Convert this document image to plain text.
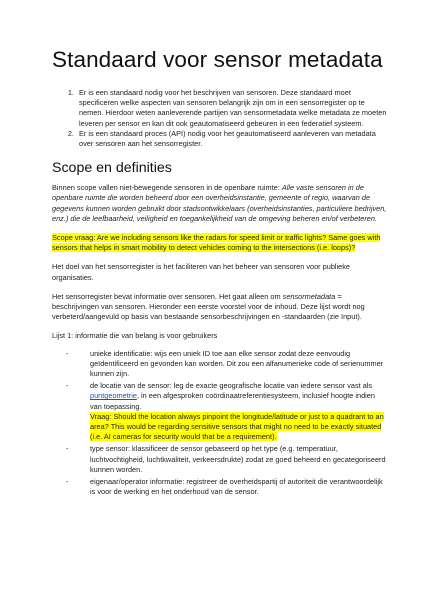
Standaard voor sensor metadata
1. Er is een standaard nodig voor het beschrijven van sensoren. Deze standaard moet specificeren welke aspecten van sensoren belangrijk zijn om in een sensorregister op te nemen. Hierdoor weten aanleverende partijen van sensormetadata welke metadata ze moeten leveren per sensor en kan dit ook geautomatiseerd gebeuren in een federatief systeem.
2. Er is een standaard proces (API) nodig voor het geautomatiseerd aanleveren van metadata over sensoren aan het sensorregister.
Scope en definities

Binnen scope vallen niet-bewegende sensoren in de openbare ruimte: Alle vaste sensoren in de openbare ruimte die worden beheerd door een overheidsinstantie, gemeente of regio, waarvan de gegevens kunnen worden gebruikt door stadsontwikkelaars (overheidsinstanties, particuliere bedrijven, enz.) die de leefbaarheid, veiligheid en toegankelijkheid van de omgeving beheren en/of verbeteren.

Scope vraag: Are we including sensors like the radars for speed limit or traffic lights? Same goes with sensors that helps in smart mobility to detect vehicles coming to the intersections (i.e. loops)?

Het doel van het sensorregister is het faciliteren van het beheer van sensoren voor publieke organisaties.

Het sensorregister bevat informatie over sensoren. Het gaat alleen om sensormetadata = beschrijvingen van sensoren. Hieronder een eerste voorstel voor de inhoud. Deze lijst wordt nog verbeterd/aangevuld op basis van bestaande sensorbeschrijvingen en -standaarden (zie Input).

Lijst 1: informatie die van belang is voor gebruikers

- unieke identificatie: wijs een uniek ID toe aan elke sensor zodat deze eenvoudig geïdentificeerd en gevonden kan worden. Dit zou een alfanumerieke code of serienummer kunnen zijn.
- de locatie van de sensor: leg de exacte geografische locatie van iedere sensor vast als puntgeometrie, in een afgesproken coördinaatreferentiesysteem, inclusief hoogte indien van toepassing.
Vraag: Should the location always pinpoint the longitude/latitude or just to a quadrant to an area? This would be regarding sensitive sensors that might no need to be exactly situated (i.e. AI cameras for security would that be a requirement).
- type sensor: klassificeer de sensor gebaseerd op het type (e.g. temperatuur, luchtvochtigheid, luchtkwaliteit, verkeersdrukte) zodat ze goed beheerd en gecategoriseerd kunnen worden.
- eigenaar/operator informatie: registreer de overheidspartij of autoriteit die verantwoordelijk is voor de werking en het onderhoud van de sensor.
